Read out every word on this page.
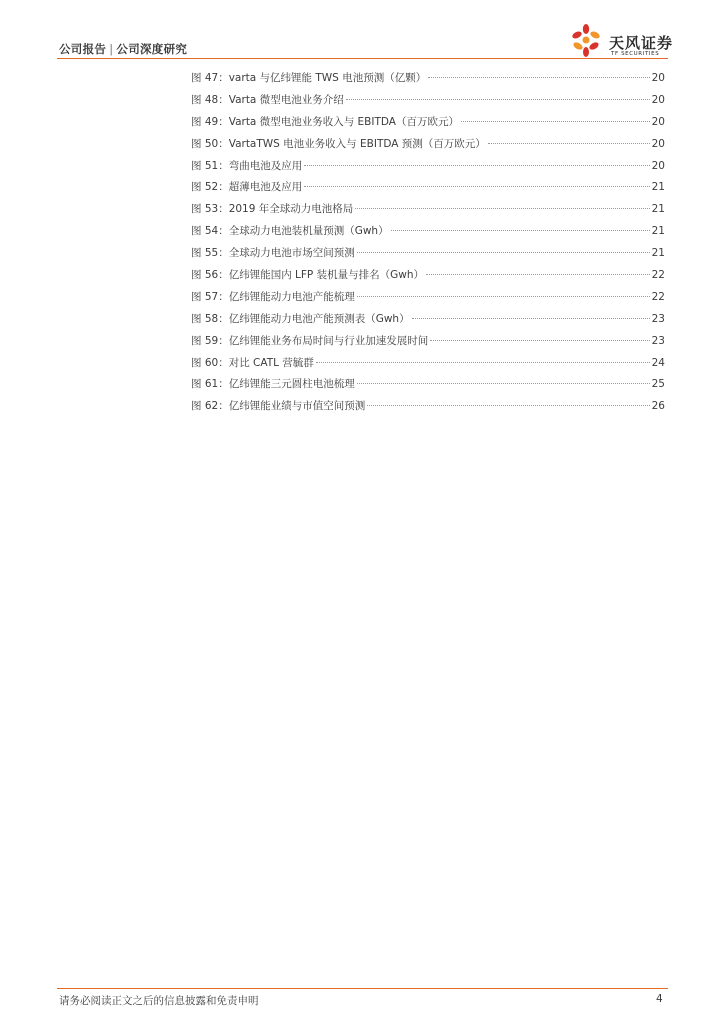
公司报告 | 公司深度研究	天风证券
TF SECURITIES
图 47：varta 与亿纬锂能 TWS 电池预测（亿颗）	20
图 48：Varta 微型电池业务介绍	20
图 49：Varta 微型电池业务收入与 EBITDA（百万欧元）	20
图 50：VartaTWS 电池业务收入与 EBITDA 预测（百万欧元）	20
图 51：弯曲电池及应用	20
图 52：超薄电池及应用	21
图 53：2019 年全球动力电池格局	21
图 54：全球动力电池装机量预测（Gwh）	21
图 55：全球动力电池市场空间预测	21
图 56：亿纬锂能国内 LFP 装机量与排名（Gwh）	22
图 57：亿纬锂能动力电池产能梳理	22
图 58：亿纬锂能动力电池产能预测表（Gwh）	23
图 59：亿纬锂能业务布局时间与行业加速发展时间	23
图 60：对比 CATL 营毓群	24
图 61：亿纬锂能三元圆柱电池梳理	25
图 62：亿纬锂能业绩与市值空间预测	26
请务必阅读正文之后的信息披露和免责申明	4
